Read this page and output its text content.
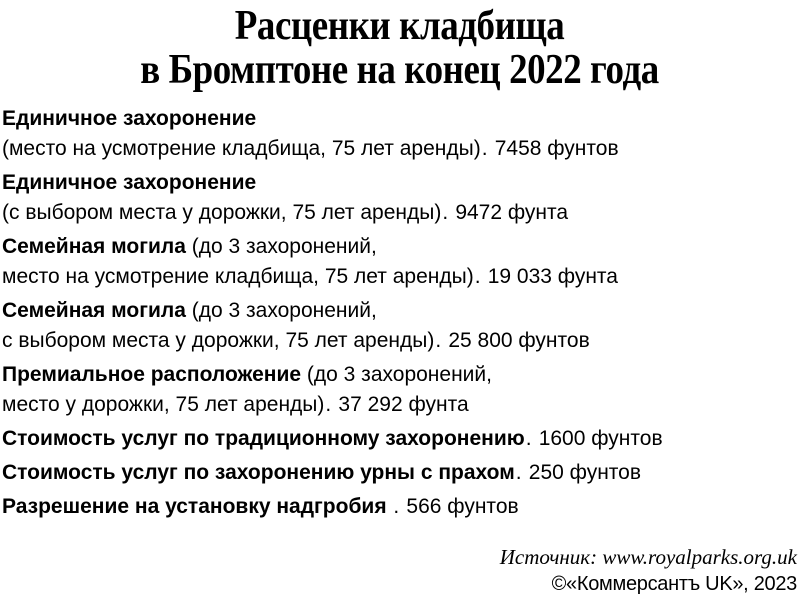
Расценки кладбища
в Бромптоне на конец 2022 года
Единичное захоронение
(место на усмотрение кладбища, 75 лет аренды) ..... 7458 фунтов
Единичное захоронение
(с выбором места у дорожки, 75 лет аренды) ..... 9472 фунта
Семейная могила (до 3 захоронений,
место на усмотрение кладбища, 75 лет аренды) ..... 19 033 фунта
Семейная могила (до 3 захоронений,
с выбором места у дорожки, 75 лет аренды) ..... 25 800 фунтов
Премиальное расположение (до 3 захоронений,
место у дорожки, 75 лет аренды) ..... 37 292 фунта
Стоимость услуг по традиционному захоронению ..... 1600 фунтов
Стоимость услуг по захоронению урны с прахом ..... 250 фунтов
Разрешение на установку надгробия
..... 566 фунтов
Источник: www.royalparks.org.uk
©«Коммерсантъ UK», 2023
